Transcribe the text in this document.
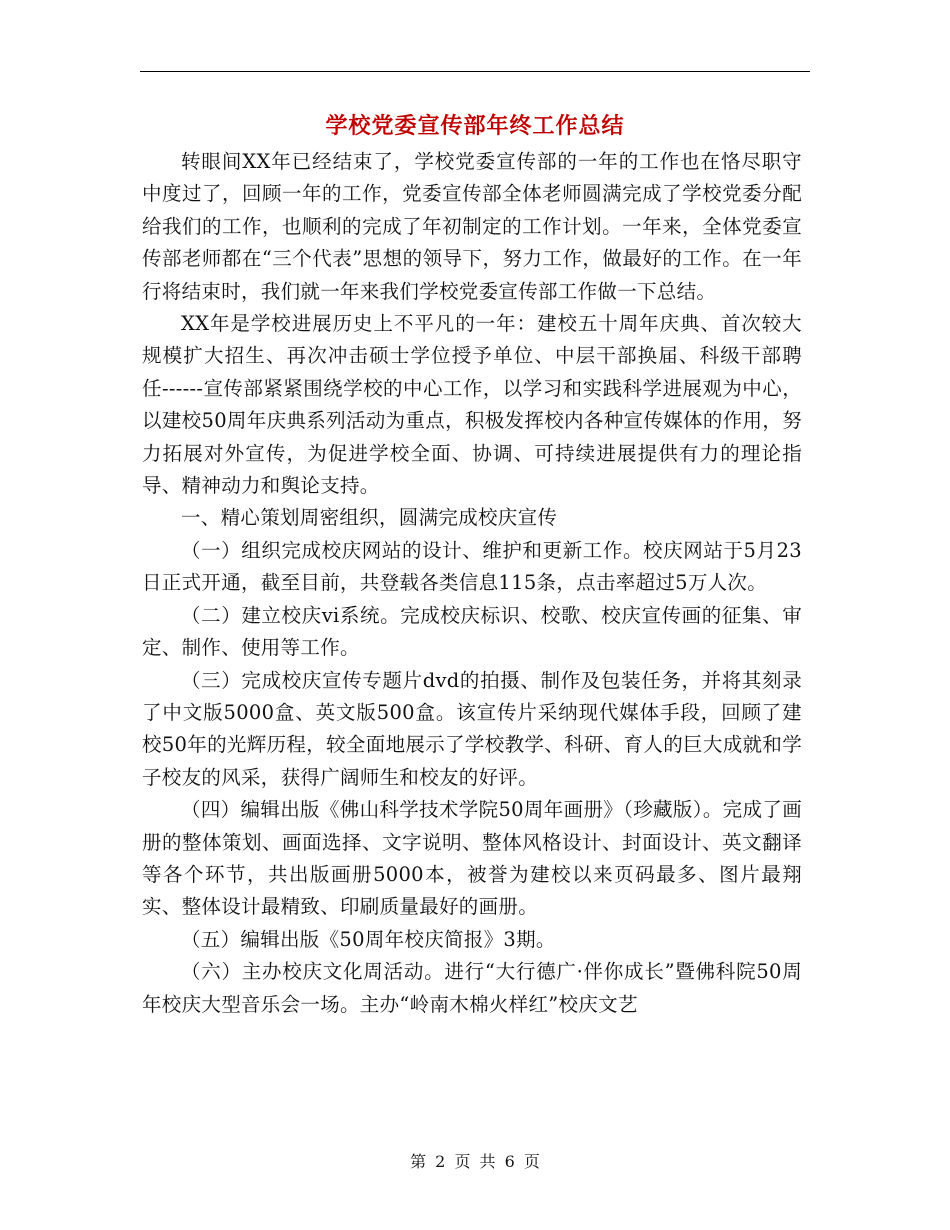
学校党委宣传部年终工作总结

转眼间XX年已经结束了，学校党委宣传部的一年的工作也在恪尽职守中度过了，回顾一年的工作，党委宣传部全体老师圆满完成了学校党委分配给我们的工作，也顺利的完成了年初制定的工作计划。一年来，全体党委宣传部老师都在“三个代表”思想的领导下，努力工作，做最好的工作。在一年行将结束时，我们就一年来我们学校党委宣传部工作做一下总结。

XX年是学校进展历史上不平凡的一年：建校五十周年庆典、首次较大规模扩大招生、再次冲击硕士学位授予单位、中层干部换届、科级干部聘任------宣传部紧紧围绕学校的中心工作，以学习和实践科学进展观为中心，以建校50周年庆典系列活动为重点，积极发挥校内各种宣传媒体的作用，努力拓展对外宣传，为促进学校全面、协调、可持续进展提供有力的理论指导、精神动力和舆论支持。

一、精心策划周密组织，圆满完成校庆宣传

（一）组织完成校庆网站的设计、维护和更新工作。校庆网站于5月23日正式开通，截至目前，共登载各类信息115条，点击率超过5万人次。

（二）建立校庆vi系统。完成校庆标识、校歌、校庆宣传画的征集、审定、制作、使用等工作。

（三）完成校庆宣传专题片dvd的拍摄、制作及包装任务，并将其刻录了中文版5000盒、英文版500盒。该宣传片采纳现代媒体手段，回顾了建校50年的光辉历程，较全面地展示了学校教学、科研、育人的巨大成就和学子校友的风采，获得广阔师生和校友的好评。

（四）编辑出版《佛山科学技术学院50周年画册》（珍藏版）。完成了画册的整体策划、画面选择、文字说明、整体风格设计、封面设计、英文翻译等各个环节，共出版画册5000本，被誉为建校以来页码最多、图片最翔实、整体设计最精致、印刷质量最好的画册。

（五）编辑出版《50周年校庆简报》3期。

（六）主办校庆文化周活动。进行“大行德广·伴你成长”暨佛科院50周年校庆大型音乐会一场。主办“岭南木棉火样红”校庆文艺

第 2 页 共 6 页
